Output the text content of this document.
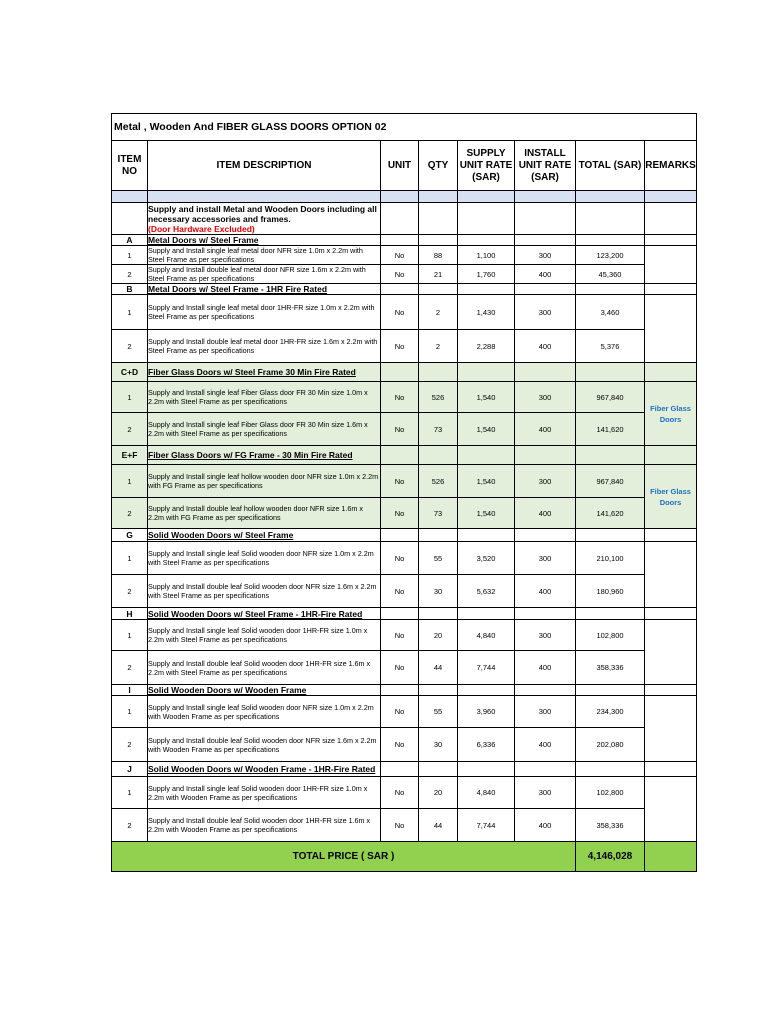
Metal , Wooden And FIBER GLASS DOORS OPTION 02							
ITEM NO	ITEM DESCRIPTION	UNIT	QTY	SUPPLY UNIT RATE (SAR)	INSTALL UNIT RATE (SAR)	TOTAL (SAR)	REMARKS

	Supply and install Metal and Wooden Doors including all necessary accessories and frames.
(Door Hardware Excluded)						

A	Metal Doors w/ Steel Frame						
1	Supply and Install single leaf metal door NFR size 1.0m x 2.2m with Steel Frame as per specifications	No	88	1,100	300	123,200	
2	Supply and Install double leaf metal door NFR size 1.6m x 2.2m with Steel Frame as per specifications	No	21	1,760	400	45,360	
B	Metal Doors w/ Steel Frame - 1HR Fire Rated						
1	Supply and Install single leaf metal door 1HR-FR size 1.0m x 2.2m with Steel Frame as per specifications	No	2	1,430	300	3,460	
2	Supply and Install double leaf metal door 1HR-FR size 1.6m x 2.2m with Steel Frame as per specifications	No	2	2,288	400	5,376	
C+D	Fiber Glass Doors w/ Steel Frame 30 Min Fire Rated						
1	Supply and Install single leaf Fiber Glass door FR 30 Min size 1.0m x 2.2m with Steel Frame as per specifications	No	526	1,540	300	967,840	Fiber Glass Doors
2	Supply and Install single leaf Fiber Glass door FR 30 Min size 1.6m x 2.2m with Steel Frame as per specifications	No	73	1,540	400	141,620	
E+F	Fiber Glass Doors w/ FG Frame - 30 Min Fire Rated						
1	Supply and Install single leaf hollow wooden door NFR size 1.0m x 2.2m with FG Frame as per specifications	No	526	1,540	300	967,840	Fiber Glass Doors
2	Supply and Install double leaf hollow wooden door NFR size 1.6m x 2.2m with FG Frame as per specifications	No	73	1,540	400	141,620	
G	Solid Wooden Doors w/ Steel Frame						
1	Supply and Install single leaf Solid wooden door NFR size 1.0m x 2.2m with Steel Frame as per specifications	No	55	3,520	300	210,100	
2	Supply and Install double leaf Solid wooden door NFR size 1.6m x 2.2m with Steel Frame as per specifications	No	30	5,632	400	180,960	
H	Solid Wooden Doors w/ Steel Frame - 1HR-Fire Rated						
1	Supply and Install single leaf Solid wooden door 1HR-FR size 1.0m x 2.2m with Steel Frame as per specifications	No	20	4,840	300	102,800	
2	Supply and Install double leaf Solid wooden door 1HR-FR size 1.6m x 2.2m with Steel Frame as per specifications	No	44	7,744	400	358,336	
I	Solid Wooden Doors w/ Wooden Frame						
1	Supply and Install single leaf Solid wooden door NFR size 1.0m x 2.2m with Wooden Frame as per specifications	No	55	3,960	300	234,300	
2	Supply and Install double leaf Solid wooden door NFR size 1.6m x 2.2m with Wooden Frame as per specifications	No	30	6,336	400	202,080	
J	Solid Wooden Doors w/ Wooden Frame - 1HR-Fire Rated						
1	Supply and Install single leaf Solid wooden door 1HR-FR size 1.0m x 2.2m with Wooden Frame as per specifications	No	20	4,840	300	102,800	
2	Supply and Install double leaf Solid wooden door 1HR-FR size 1.6m x 2.2m with Wooden Frame as per specifications	No	44	7,744	400	358,336	
TOTAL PRICE ( SAR )						4,146,028	
